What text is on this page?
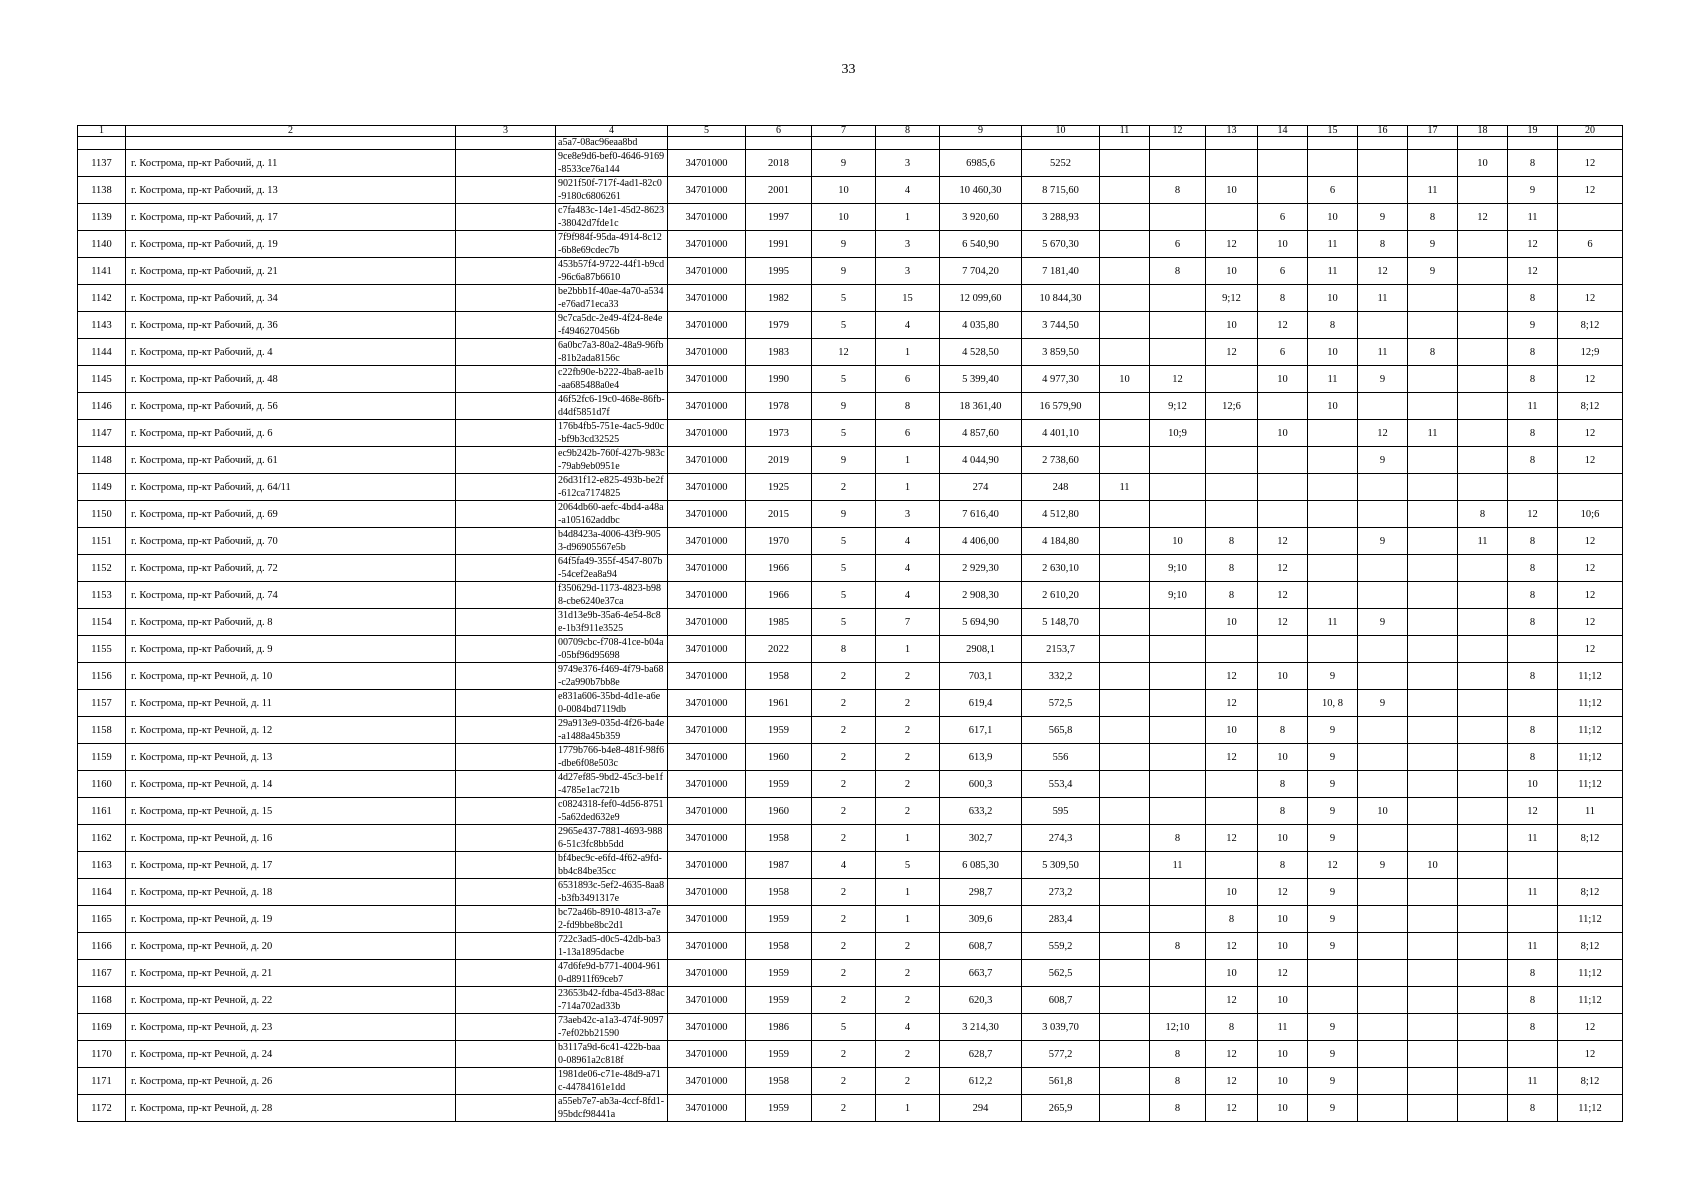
33
1	2	3	4	5	6	7	8	9	10	11	12	13	14	15	16	17	18	19	20
			a5a7-08ac96eaa8bd																
1137	г. Кострома, пр-кт Рабочий, д. 11		9ce8e9d6-bef0-4646-9169-8533ce76a144	34701000	2018	9	3	6985,6	5252								10	8	12
1138	г. Кострома, пр-кт Рабочий, д. 13		9021f50f-717f-4ad1-82c0-9180c6806261	34701000	2001	10	4	10 460,30	8 715,60		8	10		6		11		9	12
1139	г. Кострома, пр-кт Рабочий, д. 17		c7fa483c-14e1-45d2-8623-38042d7fde1c	34701000	1997	10	1	3 920,60	3 288,93				6	10	9	8	12	11	
1140	г. Кострома, пр-кт Рабочий, д. 19		7f9f984f-95da-4914-8c12-6b8e69cdec7b	34701000	1991	9	3	6 540,90	5 670,30		6	12	10	11	8	9		12	6
1141	г. Кострома, пр-кт Рабочий, д. 21		453b57f4-9722-44f1-b9cd-96c6a87b6610	34701000	1995	9	3	7 704,20	7 181,40		8	10	6	11	12	9		12	
1142	г. Кострома, пр-кт Рабочий, д. 34		be2bbb1f-40ae-4a70-a534-e76ad71eca33	34701000	1982	5	15	12 099,60	10 844,30			9;12	8	10	11			8	12
1143	г. Кострома, пр-кт Рабочий, д. 36		9c7ca5dc-2e49-4f24-8e4e-f4946270456b	34701000	1979	5	4	4 035,80	3 744,50			10	12	8				9	8;12
1144	г. Кострома, пр-кт Рабочий, д. 4		6a0bc7a3-80a2-48a9-96fb-81b2ada8156c	34701000	1983	12	1	4 528,50	3 859,50			12	6	10	11	8		8	12;9
1145	г. Кострома, пр-кт Рабочий, д. 48		c22fb90e-b222-4ba8-ae1b-aa685488a0e4	34701000	1990	5	6	5 399,40	4 977,30	10	12		10	11	9			8	12
1146	г. Кострома, пр-кт Рабочий, д. 56		46f52fc6-19c0-468e-86fb-d4df5851d7f	34701000	1978	9	8	18 361,40	16 579,90		9;12	12;6		10				11	8;12
1147	г. Кострома, пр-кт Рабочий, д. 6		176b4fb5-751e-4ac5-9d0c-bf9b3cd32525	34701000	1973	5	6	4 857,60	4 401,10		10;9		10		12	11		8	12
1148	г. Кострома, пр-кт Рабочий, д. 61		ec9b242b-760f-427b-983c-79ab9eb0951e	34701000	2019	9	1	4 044,90	2 738,60						9			8	12
1149	г. Кострома, пр-кт Рабочий, д. 64/11		26d31f12-e825-493b-be2f-612ca7174825	34701000	1925	2	1	274	248	11									
1150	г. Кострома, пр-кт Рабочий, д. 69		2064db60-aefc-4bd4-a48a-a105162addbc	34701000	2015	9	3	7 616,40	4 512,80								8	12	10;6
1151	г. Кострома, пр-кт Рабочий, д. 70		b4d8423a-4006-43f9-9053-d96905567e5b	34701000	1970	5	4	4 406,00	4 184,80		10	8	12		9		11	8	12
1152	г. Кострома, пр-кт Рабочий, д. 72		64f5fa49-355f-4547-807b-54cef2ea8a94	34701000	1966	5	4	2 929,30	2 630,10		9;10	8	12					8	12
1153	г. Кострома, пр-кт Рабочий, д. 74		f350629d-1173-4823-b988-cbe6240e37ca	34701000	1966	5	4	2 908,30	2 610,20		9;10	8	12					8	12
1154	г. Кострома, пр-кт Рабочий, д. 8		31d13e9b-35a6-4e54-8c8e-1b3f911e3525	34701000	1985	5	7	5 694,90	5 148,70			10	12	11	9			8	12
1155	г. Кострома, пр-кт Рабочий, д. 9		00709cbc-f708-41ce-b04a-05bf96d95698	34701000	2022	8	1	2908,1	2153,7										12
1156	г. Кострома, пр-кт Речной, д. 10		9749e376-f469-4f79-ba68-c2a990b7bb8e	34701000	1958	2	2	703,1	332,2			12	10	9				8	11;12
1157	г. Кострома, пр-кт Речной, д. 11		e831a606-35bd-4d1e-a6e0-0084bd7119db	34701000	1961	2	2	619,4	572,5			12		10, 8	9				11;12
1158	г. Кострома, пр-кт Речной, д. 12		29a913e9-035d-4f26-ba4e-a1488a45b359	34701000	1959	2	2	617,1	565,8			10	8	9				8	11;12
1159	г. Кострома, пр-кт Речной, д. 13		1779b766-b4e8-481f-98f6-dbe6f08e503c	34701000	1960	2	2	613,9	556			12	10	9				8	11;12
1160	г. Кострома, пр-кт Речной, д. 14		4d27ef85-9bd2-45c3-be1f-4785e1ac721b	34701000	1959	2	2	600,3	553,4				8	9				10	11;12
1161	г. Кострома, пр-кт Речной, д. 15		c0824318-fef0-4d56-8751-5a62ded632e9	34701000	1960	2	2	633,2	595				8	9	10			12	11
1162	г. Кострома, пр-кт Речной, д. 16		2965e437-7881-4693-9886-51c3fc8bb5dd	34701000	1958	2	1	302,7	274,3		8	12	10	9				11	8;12
1163	г. Кострома, пр-кт Речной, д. 17		bf4bec9c-e6fd-4f62-a9fd-bb4c84be35cc	34701000	1987	4	5	6 085,30	5 309,50		11		8	12	9	10			
1164	г. Кострома, пр-кт Речной, д. 18		6531893c-5ef2-4635-8aa8-b3fb3491317e	34701000	1958	2	1	298,7	273,2			10	12	9				11	8;12
1165	г. Кострома, пр-кт Речной, д. 19		bc72a46b-8910-4813-a7e2-fd9bbe8bc2d1	34701000	1959	2	1	309,6	283,4			8	10	9					11;12
1166	г. Кострома, пр-кт Речной, д. 20		722c3ad5-d0c5-42db-ba31-13a1895dacbe	34701000	1958	2	2	608,7	559,2		8	12	10	9				11	8;12
1167	г. Кострома, пр-кт Речной, д. 21		47d6fe9d-b771-4004-9610-d8911f69ceb7	34701000	1959	2	2	663,7	562,5			10	12					8	11;12
1168	г. Кострома, пр-кт Речной, д. 22		23653b42-fdba-45d3-88ac-714a702ad33b	34701000	1959	2	2	620,3	608,7			12	10					8	11;12
1169	г. Кострома, пр-кт Речной, д. 23		73aeb42c-a1a3-474f-9097-7ef02bb21590	34701000	1986	5	4	3 214,30	3 039,70		12;10	8	11	9				8	12
1170	г. Кострома, пр-кт Речной, д. 24		b3117a9d-6c41-422b-baa0-08961a2c818f	34701000	1959	2	2	628,7	577,2		8	12	10	9					12
1171	г. Кострома, пр-кт Речной, д. 26		1981de06-c71e-48d9-a71c-44784161e1dd	34701000	1958	2	2	612,2	561,8		8	12	10	9				11	8;12
1172	г. Кострома, пр-кт Речной, д. 28		a55eb7e7-ab3a-4ccf-8fd1-95bdcf98441a	34701000	1959	2	1	294	265,9		8	12	10	9				8	11;12
